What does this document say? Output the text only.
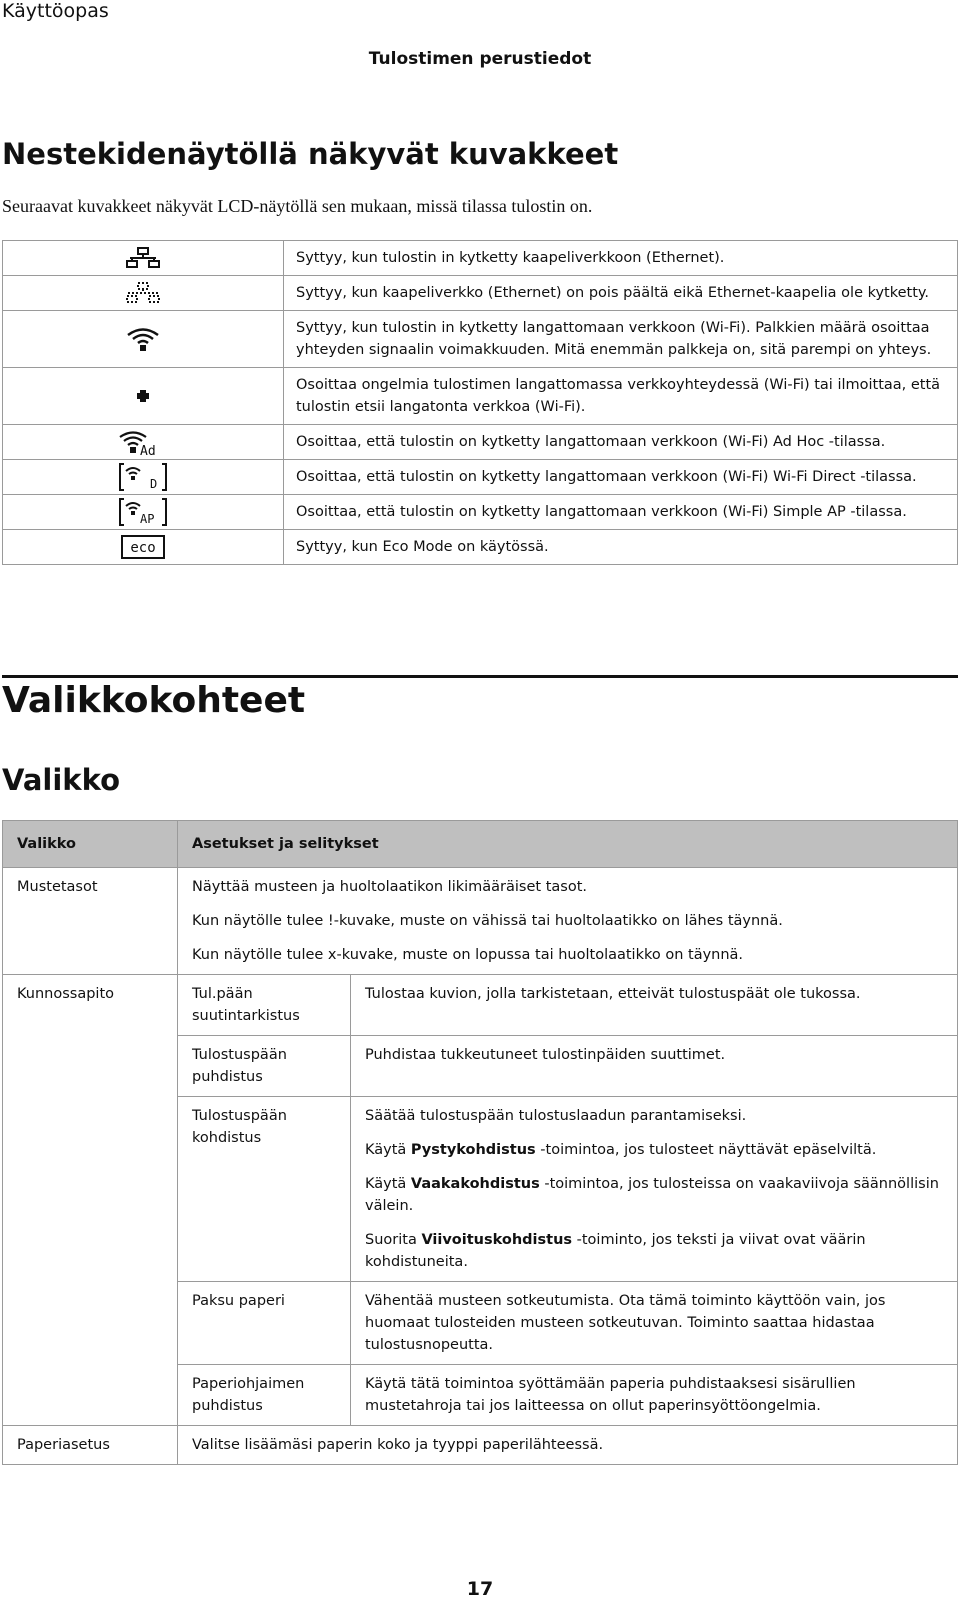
Käyttöopas
Tulostimen perustiedot
Nestekidenäytöllä näkyvät kuvakkeet
Seuraavat kuvakkeet näkyvät LCD-näytöllä sen mukaan, missä tilassa tulostin on.
	Syttyy, kun tulostin in kytketty kaapeliverkkoon (Ethernet).

	Syttyy, kun kaapeliverkko (Ethernet) on pois päältä eikä Ethernet-kaapelia ole kytketty.

	Syttyy, kun tulostin in kytketty langattomaan verkkoon (Wi-Fi). Palkkien määrä osoittaa yhteyden signaalin voimakkuuden. Mitä enemmän palkkeja on, sitä parempi on yhteys.

	Osoittaa ongelmia tulostimen langattomassa verkkoyhteydessä (Wi-Fi) tai ilmoittaa, että tulostin etsii langatonta verkkoa (Wi-Fi).

Ad	Osoittaa, että tulostin on kytketty langattomaan verkkoon (Wi-Fi) Ad Hoc -tilassa.

D	Osoittaa, että tulostin on kytketty langattomaan verkkoon (Wi-Fi) Wi-Fi Direct -tilassa.

AP	Osoittaa, että tulostin on kytketty langattomaan verkkoon (Wi-Fi) Simple AP -tilassa.

eco	Syttyy, kun Eco Mode on käytössä.
Valikkokohteet
Valikko
Valikko	Asetukset ja selitykset	
Mustetasot	Näyttää musteen ja huoltolaatikon likimääräiset tasot.
Kun näytölle tulee !-kuvake, muste on vähissä tai huoltolaatikko on lähes täynnä.
Kun näytölle tulee x-kuvake, muste on lopussa tai huoltolaatikko on täynnä.	

Kunnossapito	Tul.pään suutintarkistus	Tulostaa kuvion, jolla tarkistetaan, etteivät tulostuspäät ole tukossa.
	Tulostuspään puhdistus	Puhdistaa tukkeutuneet tulostinpäiden suuttimet.
	Tulostuspään kohdistus	Säätää tulostuspään tulostuslaadun parantamiseksi.
Käytä Pystykohdistus -toimintoa, jos tulosteet näyttävät epäselviltä.
Käytä Vaakakohdistus -toimintoa, jos tulosteissa on vaakaviivoja säännöllisin välein.
Suorita Viivoituskohdistus -toiminto, jos teksti ja viivat ovat väärin kohdistuneita.

	Paksu paperi	Vähentää musteen sotkeutumista. Ota tämä toiminto käyttöön vain, jos huomaat tulosteiden musteen sotkeutuvan. Toiminto saattaa hidastaa tulostusnopeutta.
	Paperiohjaimen puhdistus	Käytä tätä toimintoa syöttämään paperia puhdistaaksesi sisärullien mustetahroja tai jos laitteessa on ollut paperinsyöttöongelmia.
Paperiasetus	Valitse lisäämäsi paperin koko ja tyyppi paperilähteessä.	
17
